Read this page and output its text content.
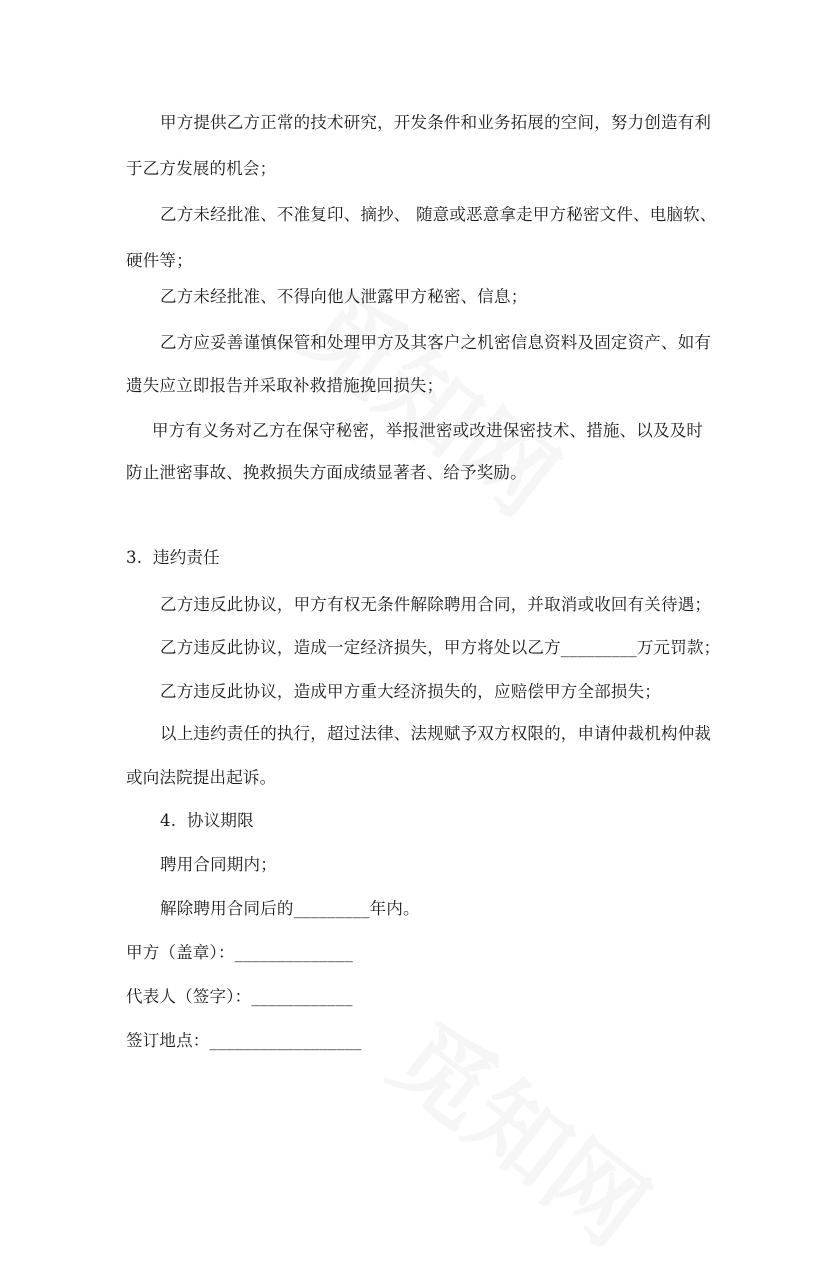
甲方提供乙方正常的技术研究，开发条件和业务拓展的空间，努力创造有利
于乙方发展的机会；
乙方未经批准、不准复印、摘抄、 随意或恶意拿走甲方秘密文件、电脑软、
硬件等；
乙方未经批准、不得向他人泄露甲方秘密、信息；
乙方应妥善谨慎保管和处理甲方及其客户之机密信息资料及固定资产、如有
遗失应立即报告并采取补救措施挽回损失；
甲方有义务对乙方在保守秘密，举报泄密或改进保密技术、措施、以及及时
防止泄密事故、挽救损失方面成绩显著者、给予奖励。
3.  违约责任
乙方违反此协议，甲方有权无条件解除聘用合同，并取消或收回有关待遇；
乙方违反此协议，造成一定经济损失，甲方将处以乙方_________万元罚款；
乙方违反此协议，造成甲方重大经济损失的，应赔偿甲方全部损失；
以上违约责任的执行，超过法律、法规赋予双方权限的，申请仲裁机构仲裁
或向法院提出起诉。
4.  协议期限
聘用合同期内；
解除聘用合同后的_________年内。
甲方（盖章）：______________
代表人（签字）：____________
签订地点：__________________
